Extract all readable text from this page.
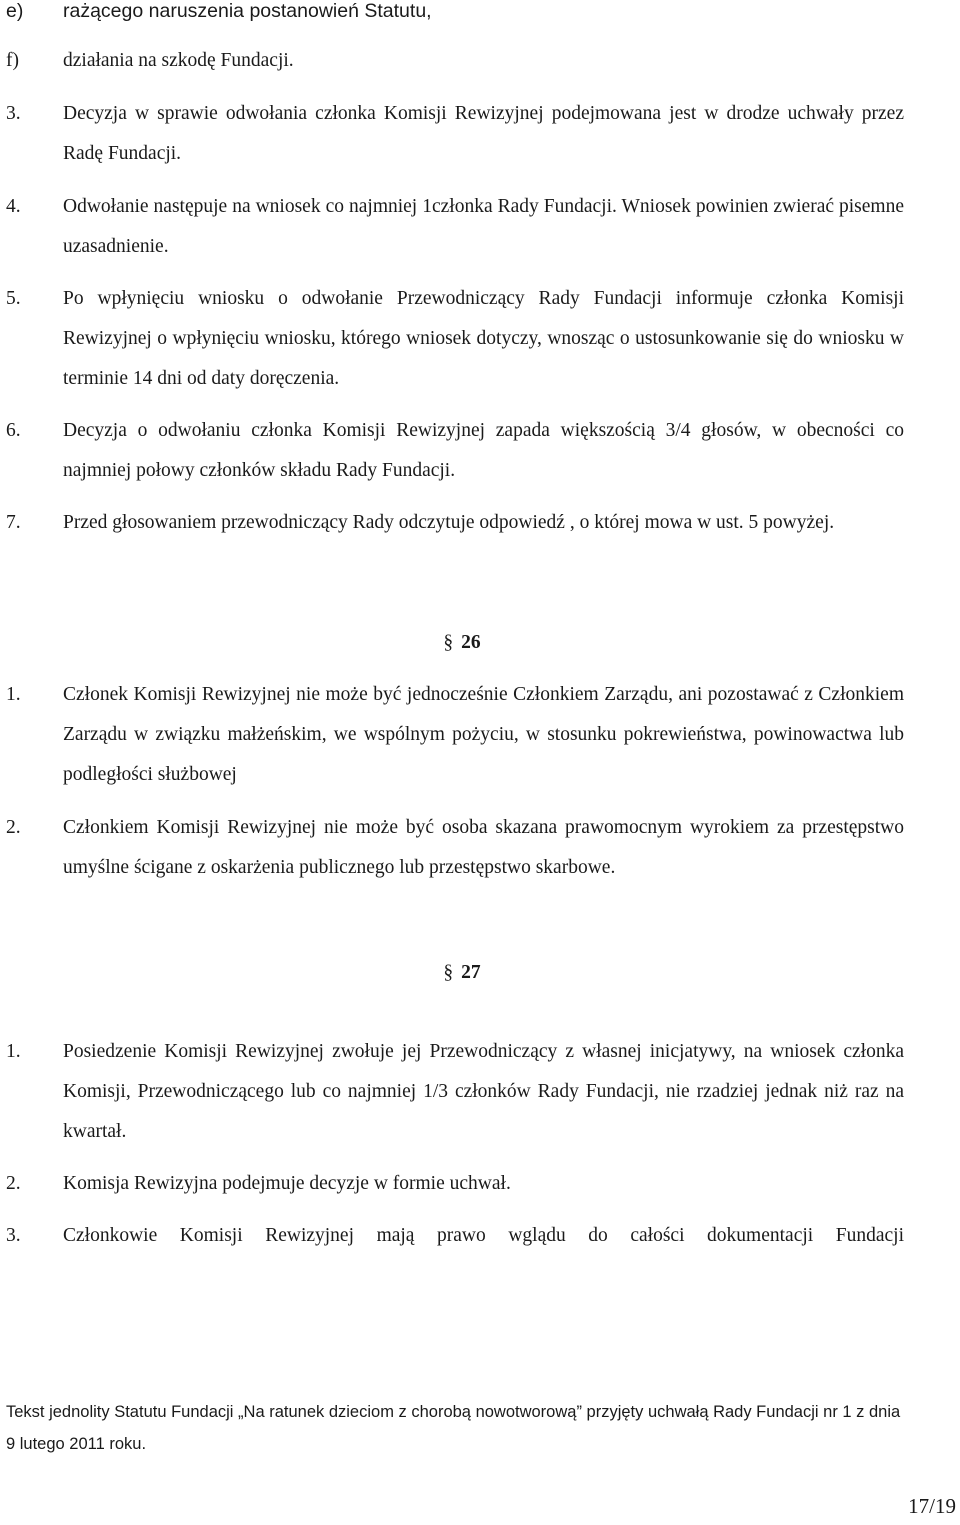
e) rażącego naruszenia postanowień Statutu,
f) działania na szkodę Fundacji.
3. Decyzja w sprawie odwołania członka Komisji Rewizyjnej podejmowana jest w drodze uchwały przez Radę Fundacji.
4. Odwołanie następuje na wniosek co najmniej 1członka Rady Fundacji. Wniosek powinien zwierać pisemne uzasadnienie.
5. Po wpłynięciu wniosku o odwołanie Przewodniczący Rady Fundacji informuje członka Komisji Rewizyjnej o wpłynięciu wniosku, którego wniosek dotyczy, wnosząc o ustosunkowanie się do wniosku w terminie 14 dni od daty doręczenia.
6. Decyzja o odwołaniu członka Komisji Rewizyjnej zapada większością 3/4 głosów, w obecności co najmniej połowy członków składu Rady Fundacji.
7. Przed głosowaniem przewodniczący Rady odczytuje odpowiedź , o której mowa w ust. 5 powyżej.
§ 26
1. Członek Komisji Rewizyjnej nie może być jednocześnie Członkiem Zarządu, ani pozostawać z Członkiem Zarządu w związku małżeńskim, we wspólnym pożyciu, w stosunku pokrewieństwa, powinowactwa lub podległości służbowej
2. Członkiem Komisji Rewizyjnej nie może być osoba skazana prawomocnym wyrokiem za przestępstwo umyślne ścigane z oskarżenia publicznego lub przestępstwo skarbowe.
§ 27
1. Posiedzenie Komisji Rewizyjnej zwołuje jej Przewodniczący z własnej inicjatywy, na wniosek członka Komisji, Przewodniczącego lub co najmniej 1/3 członków Rady Fundacji, nie rzadziej jednak niż raz na kwartał.
2. Komisja Rewizyjna podejmuje decyzje w formie uchwał.
3. Członkowie Komisji Rewizyjnej mają prawo wglądu do całości dokumentacji Fundacji
Tekst jednolity Statutu Fundacji „Na ratunek dzieciom z chorobą nowotworową” przyjęty uchwałą Rady Fundacji nr 1 z dnia
9 lutego 2011 roku.
17/19
